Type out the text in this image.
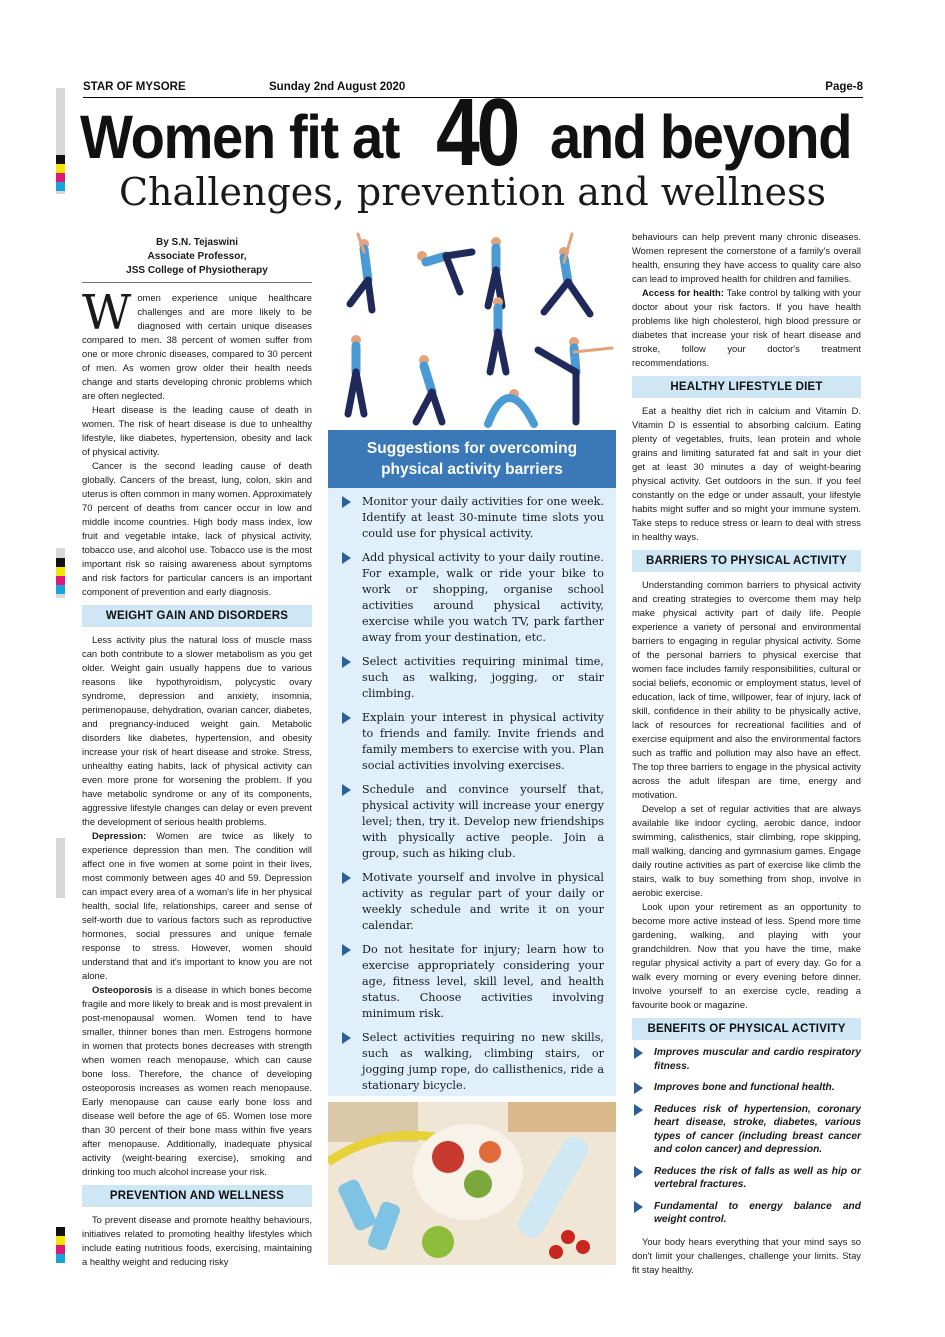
STAR OF MYSORE	Sunday 2nd August 2020	Page-8
Women fit at 40 and beyond
Challenges, prevention and wellness
By S.N. Tejaswini
Associate Professor,
JSS College of Physiotherapy

Women experience unique healthcare challenges and are more likely to be diagnosed with certain unique diseases compared to men. 38 percent of women suffer from one or more chronic diseases, compared to 30 percent of men. As women grow older their health needs change and starts developing chronic problems which are often neglected.

Heart disease is the leading cause of death in women. The risk of heart disease is due to unhealthy lifestyle, like diabetes, hypertension, obesity and lack of physical activity.

Cancer is the second leading cause of death globally. Cancers of the breast, lung, colon, skin and uterus is often common in many women. Approximately 70 percent of deaths from cancer occur in low and middle income countries. High body mass index, low fruit and vegetable intake, lack of physical activity, tobacco use, and alcohol use. Tobacco use is the most important risk so raising awareness about symptoms and risk factors for particular cancers is an important component of prevention and early diagnosis.

WEIGHT GAIN AND DISORDERS

Less activity plus the natural loss of muscle mass can both contribute to a slower metabolism as you get older. Weight gain usually happens due to various reasons like hypothyroidism, polycystic ovary syndrome, depression and anxiety, insomnia, perimenopause, dehydration, ovarian cancer, diabetes, and pregnancy-induced weight gain. Metabolic disorders like diabetes, hypertension, and obesity increase your risk of heart disease and stroke. Stress, unhealthy eating habits, lack of physical activity can even more prone for worsening the problem. If you have metabolic syndrome or any of its components, aggressive lifestyle changes can delay or even prevent the development of serious health problems.

Depression: Women are twice as likely to experience depression than men. The condition will affect one in five women at some point in their lives, most commonly between ages 40 and 59. Depression can impact every area of a woman's life in her physical health, social life, relationships, career and sense of self-worth due to various factors such as reproductive hormones, social pressures and unique female response to stress. However, women should understand that and it's important to know you are not alone.

Osteoporosis is a disease in which bones become fragile and more likely to break and is most prevalent in post-menopausal women. Women tend to have smaller, thinner bones than men. Estrogens hormone in women that protects bones decreases with strength when women reach menopause, which can cause bone loss. Therefore, the chance of developing osteoporosis increases as women reach menopause. Early menopause can cause early bone loss and disease well before the age of 65. Women lose more than 30 percent of their bone mass within five years after menopause. Additionally, inadequate physical activity (weight-bearing exercise), smoking and drinking too much alcohol increase your risk.

PREVENTION AND WELLNESS

To prevent disease and promote healthy behaviours, initiatives related to promoting healthy lifestyles which include eating nutritious foods, exercising, maintaining a healthy weight and reducing risky

Suggestions for overcoming physical activity barriers
Monitor your daily activities for one week. Identify at least 30-minute time slots you could use for physical activity.
Add physical activity to your daily routine. For example, walk or ride your bike to work or shopping, organise school activities around physical activity, exercise while you watch TV, park farther away from your destination, etc.
Select activities requiring minimal time, such as walking, jogging, or stair climbing.
Explain your interest in physical activity to friends and family. Invite friends and family members to exercise with you. Plan social activities involving exercises.
Schedule and convince yourself that, physical activity will increase your energy level; then, try it. Develop new friendships with physically active people. Join a group, such as hiking club.
Motivate yourself and involve in physical activity as regular part of your daily or weekly schedule and write it on your calendar.
Do not hesitate for injury; learn how to exercise appropriately considering your age, fitness level, skill level, and health status. Choose activities involving minimum risk.
Select activities requiring no new skills, such as walking, climbing stairs, or jogging jump rope, do callisthenics, ride a stationary bicycle.

behaviours can help prevent many chronic diseases. Women represent the cornerstone of a family's overall health, ensuring they have access to quality care also can lead to improved health for children and families.

Access for health: Take control by talking with your doctor about your risk factors. If you have health problems like high cholesterol, high blood pressure or diabetes that increase your risk of heart disease and stroke, follow your doctor's treatment recommendations.

HEALTHY LIFESTYLE DIET

Eat a healthy diet rich in calcium and Vitamin D. Vitamin D is essential to absorbing calcium. Eating plenty of vegetables, fruits, lean protein and whole grains and limiting saturated fat and salt in your diet get at least 30 minutes a day of weight-bearing physical activity. Get outdoors in the sun. If you feel constantly on the edge or under assault, your lifestyle habits might suffer and so might your immune system. Take steps to reduce stress or learn to deal with stress in healthy ways.

BARRIERS TO PHYSICAL ACTIVITY

Understanding common barriers to physical activity and creating strategies to overcome them may help make physical activity part of daily life. People experience a variety of personal and environmental barriers to engaging in regular physical activity. Some of the personal barriers to physical exercise that women face includes family responsibilities, cultural or social beliefs, economic or employment status, level of education, lack of time, willpower, fear of injury, lack of skill, confidence in their ability to be physically active, lack of resources for recreational facilities and of exercise equipment and also the environmental factors such as traffic and pollution may also have an effect. The top three barriers to engage in the physical activity across the adult lifespan are time, energy and motivation.

Develop a set of regular activities that are always available like indoor cycling, aerobic dance, indoor swimming, calisthenics, stair climbing, rope skipping, mall walking, dancing and gymnasium games. Engage daily routine activities as part of exercise like climb the stairs, walk to buy something from shop, involve in aerobic exercise.

Look upon your retirement as an opportunity to become more active instead of less. Spend more time gardening, walking, and playing with your grandchildren. Now that you have the time, make regular physical activity a part of every day. Go for a walk every morning or every evening before dinner. Involve yourself to an exercise cycle, reading a favourite book or magazine.

BENEFITS OF PHYSICAL ACTIVITY
Improves muscular and cardio respiratory fitness.
Improves bone and functional health.
Reduces risk of hypertension, coronary heart disease, stroke, diabetes, various types of cancer (including breast cancer and colon cancer) and depression.
Reduces the risk of falls as well as hip or vertebral fractures.
Fundamental to energy balance and weight control.

Your body hears everything that your mind says so don't limit your challenges, challenge your limits. Stay fit stay healthy.
